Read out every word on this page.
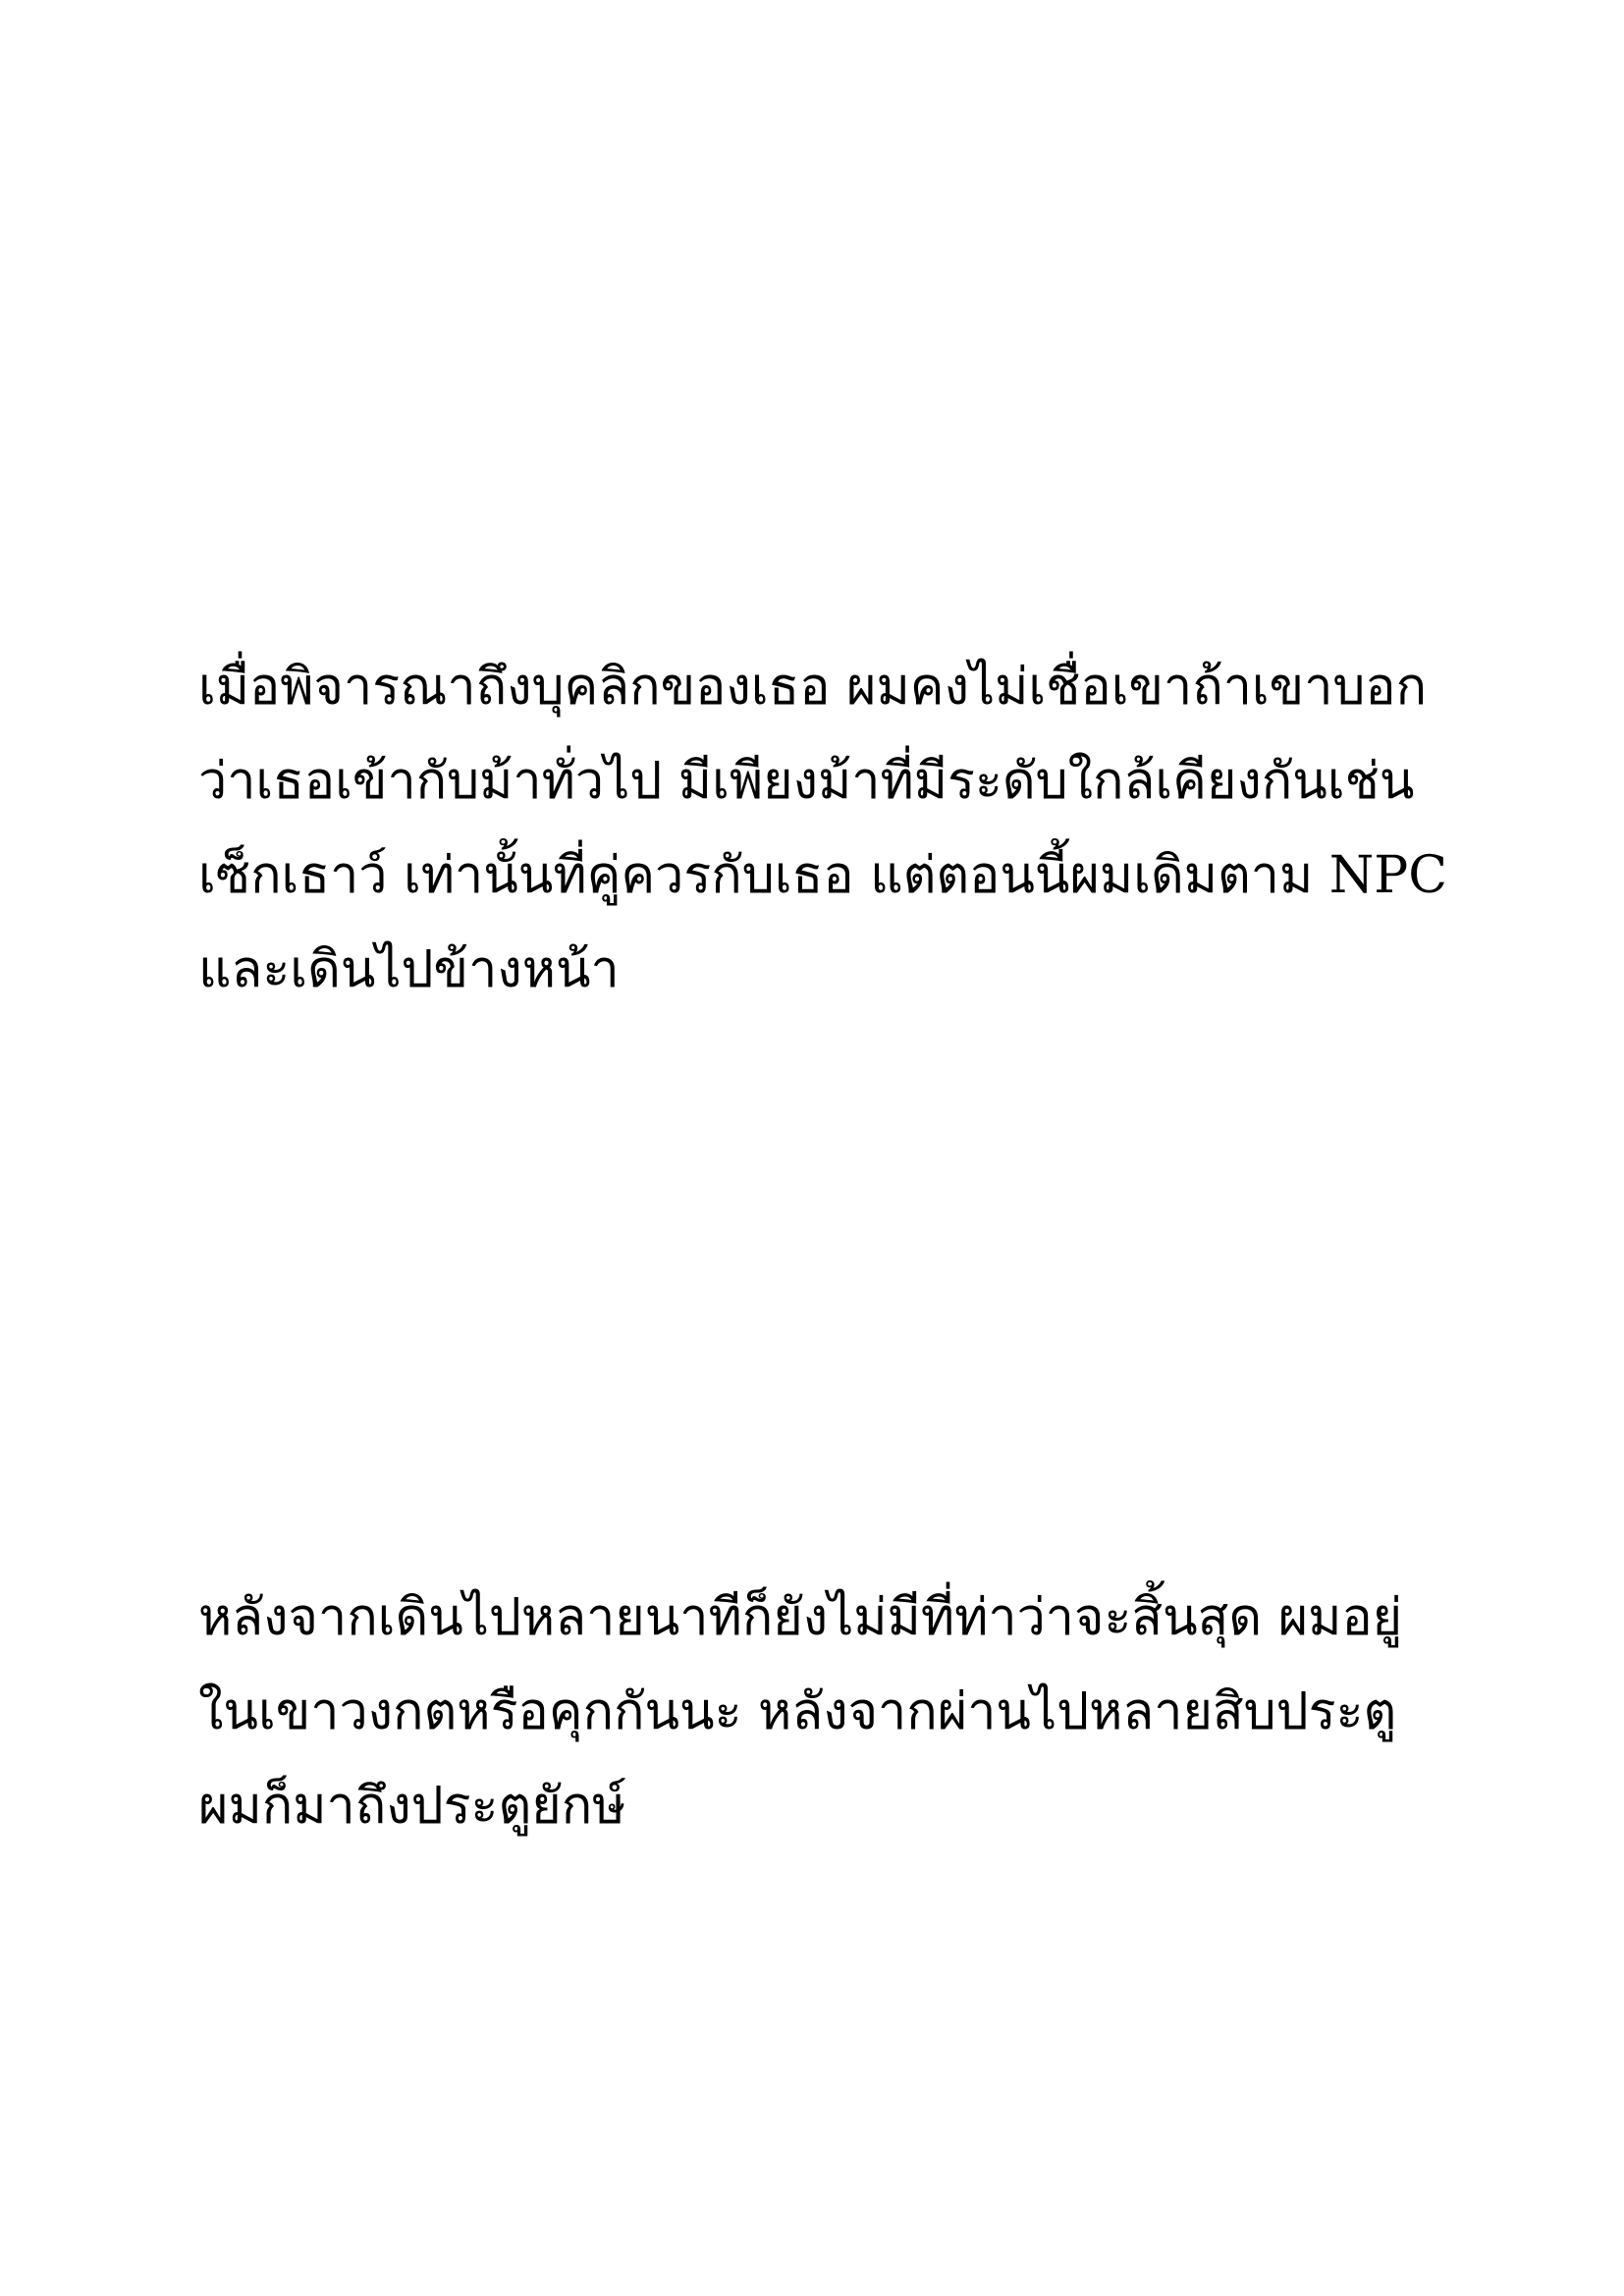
เมื่อพิจารณาถึงบุคลิกของเธอ ผมคงไม่เชื่อเขาถ้าเขาบอก
ว่าเธอเข้ากับม้าทั่วไป มีเพียงม้าที่มีระดับใกล้เคียงกันเช่น
เซ็กเธาว์ เท่านั้นที่คู่ควรกับเธอ แต่ตอนนี้ผมเดิมตาม NPC
และเดินไปข้างหน้า
หลังจากเดินไปหลายนาทีก็ยังไม่มีที่ท่าว่าจะสิ้นสุด ผมอยู่
ในเขาวงกตหรือคุกกันนะ หลังจากผ่านไปหลายสิบประตู
ผมก็มาถึงประตูยักษ์
